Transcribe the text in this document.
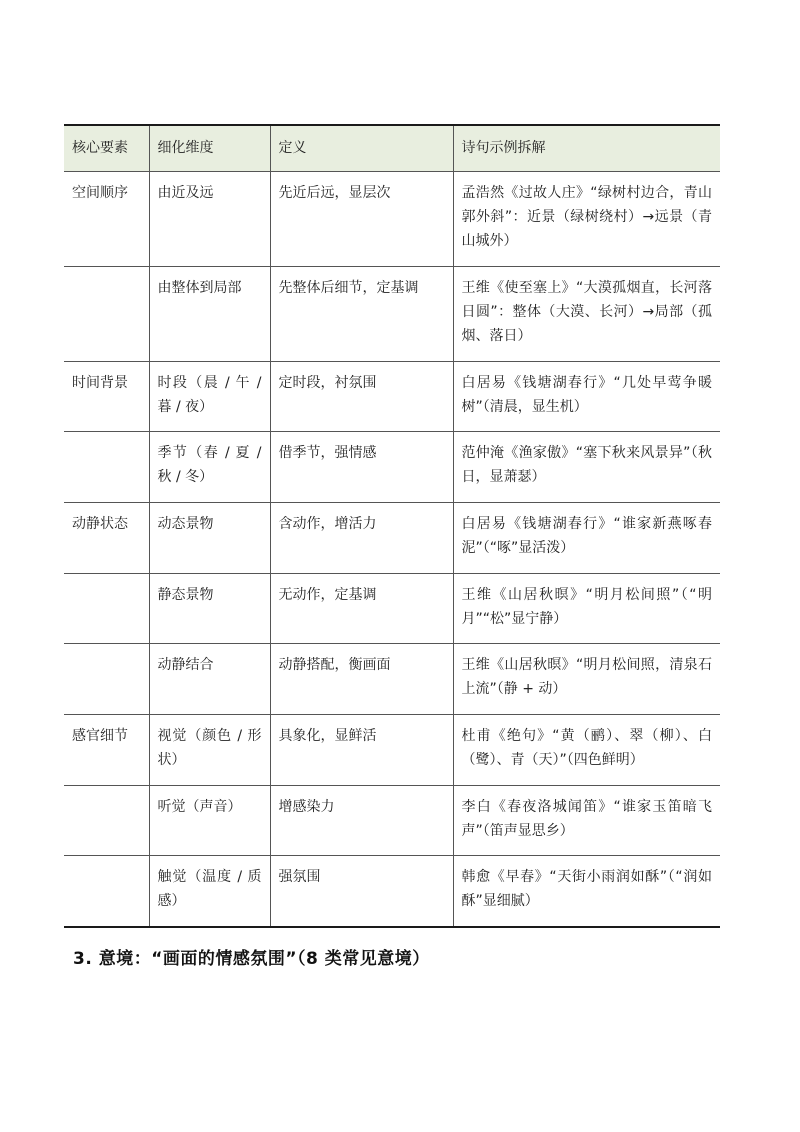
核心要素	细化维度	定义	诗句示例拆解
空间顺序	由近及远	先近后远，显层次	孟浩然《过故人庄》“绿树村边合，青山郭外斜”：近景（绿树绕村）→远景（青山城外）
	由整体到局部	先整体后细节，定基调	王维《使至塞上》“大漠孤烟直，长河落日圆”：整体（大漠、长河）→局部（孤烟、落日）
时间背景	时段（晨 / 午 / 暮 / 夜）	定时段，衬氛围	白居易《钱塘湖春行》“几处早莺争暖树”（清晨，显生机）
	季节（春 / 夏 / 秋 / 冬）	借季节，强情感	范仲淹《渔家傲》“塞下秋来风景异”（秋日，显萧瑟）
动静状态	动态景物	含动作，增活力	白居易《钱塘湖春行》“谁家新燕啄春泥”（“啄”显活泼）
	静态景物	无动作，定基调	王维《山居秋暝》“明月松间照”（“明月”“松”显宁静）
	动静结合	动静搭配，衡画面	王维《山居秋暝》“明月松间照，清泉石上流”（静 + 动）
感官细节	视觉（颜色 / 形状）	具象化，显鲜活	杜甫《绝句》“黄（鹂）、翠（柳）、白（鹭）、青（天）”（四色鲜明）
	听觉（声音）	增感染力	李白《春夜洛城闻笛》“谁家玉笛暗飞声”（笛声显思乡）
	触觉（温度 / 质感）	强氛围	韩愈《早春》“天街小雨润如酥”（“润如酥”显细腻）
3. 意境：“画面的情感氛围”（8 类常见意境）
